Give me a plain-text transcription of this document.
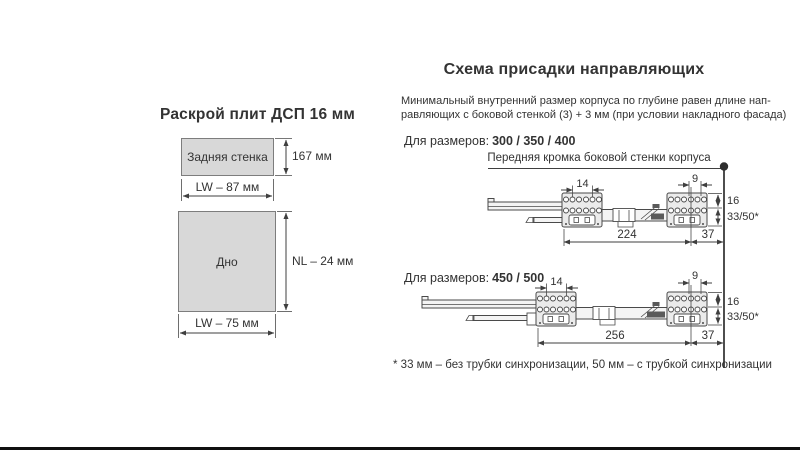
Раскрой плит ДСП 16 мм
Задняя стенка 167 мм
LW – 87 мм
Дно	NL – 24 мм
LW – 75 мм
Схема присадки направляющих
Минимальный внутренний размер корпуса по глубине равен длине нап-
равляющих с боковой стенкой (3) + 3 мм (при условии накладного фасада)
Для размеров: 300 / 350 / 400
Передняя кромка боковой стенки корпуса
14	9
16
33/50*
224	37
Для размеров: 450 / 500 14	9
16
33/50*
256	37
* 33 мм – без трубки синхронизации, 50 мм – с трубкой синхронизации
